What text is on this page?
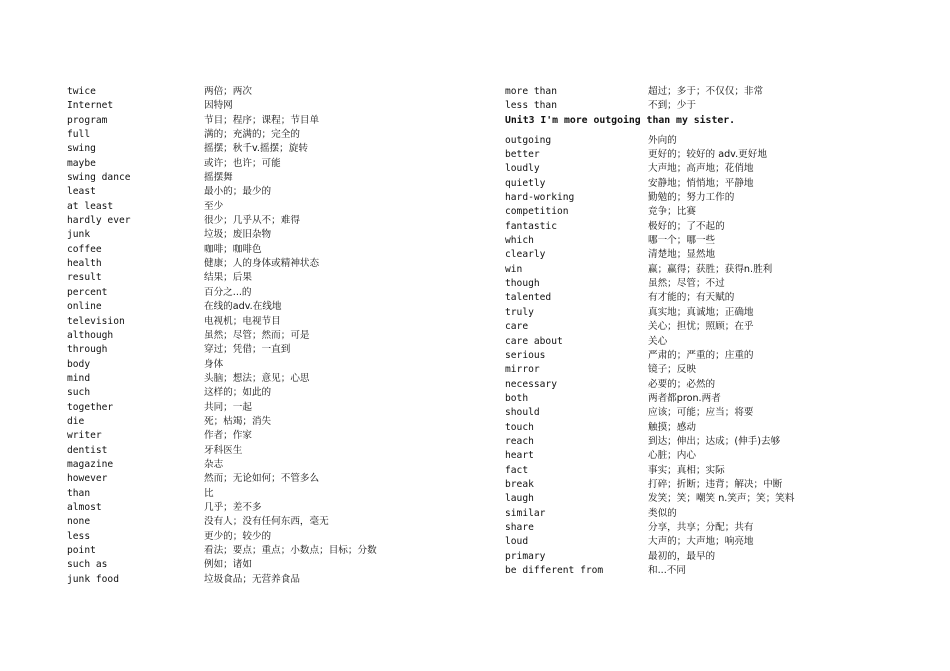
twice	两倍；两次
Internet	因特网
program	节目；程序；课程；节目单
full	满的；充满的；完全的
swing	摇摆；秋千v.摇摆；旋转
maybe	或许；也许；可能
swing dance	摇摆舞
least	最小的；最少的
at least	至少
hardly ever	很少；几乎从不；难得
junk	垃圾；废旧杂物
coffee	咖啡；咖啡色
health	健康；人的身体或精神状态
result	结果；后果
percent	百分之...的
online	在线的adv.在线地
television	电视机；电视节目
although	虽然；尽管；然而；可是
through	穿过；凭借；一直到
body	身体
mind	头脑；想法；意见；心思
such	这样的；如此的
together	共同；一起
die	死；枯竭；消失
writer	作者；作家
dentist	牙科医生
magazine	杂志
however	然而；无论如何；不管多么
than	比
almost	几乎；差不多
none	没有人；没有任何东西，毫无
less	更少的；较少的
point	看法；要点；重点；小数点；目标；分数
such as	例如；诸如
junk food	垃圾食品；无营养食品
more than	超过；多于；不仅仅；非常
less than	不到；少于
Unit3 I'm more outgoing than my sister.
outgoing	外向的
better	更好的；较好的 adv.更好地
loudly	大声地；高声地；花俏地
quietly	安静地；悄悄地；平静地
hard-working	勤勉的；努力工作的
competition	竞争；比赛
fantastic	极好的；了不起的
which	哪一个；哪一些
clearly	清楚地；显然地
win	赢；赢得；获胜；获得n.胜利
though	虽然；尽管；不过
talented	有才能的；有天赋的
truly	真实地；真诚地；正确地
care	关心；担忧；照顾；在乎
care about	关心
serious	严肃的；严重的；庄重的
mirror	镜子；反映
necessary	必要的；必然的
both	两者都pron.两者
should	应该；可能；应当；将要
touch	触摸；感动
reach	到达；伸出；达成；(伸手)去够
heart	心脏；内心
fact	事实；真相；实际
break	打碎；折断；违背；解决；中断
laugh	发笑；笑；嘲笑 n.笑声；笑；笑料
similar	类似的
share	分享，共享；分配；共有
loud	大声的；大声地；响亮地
primary	最初的，最早的
be different from	和...不同
